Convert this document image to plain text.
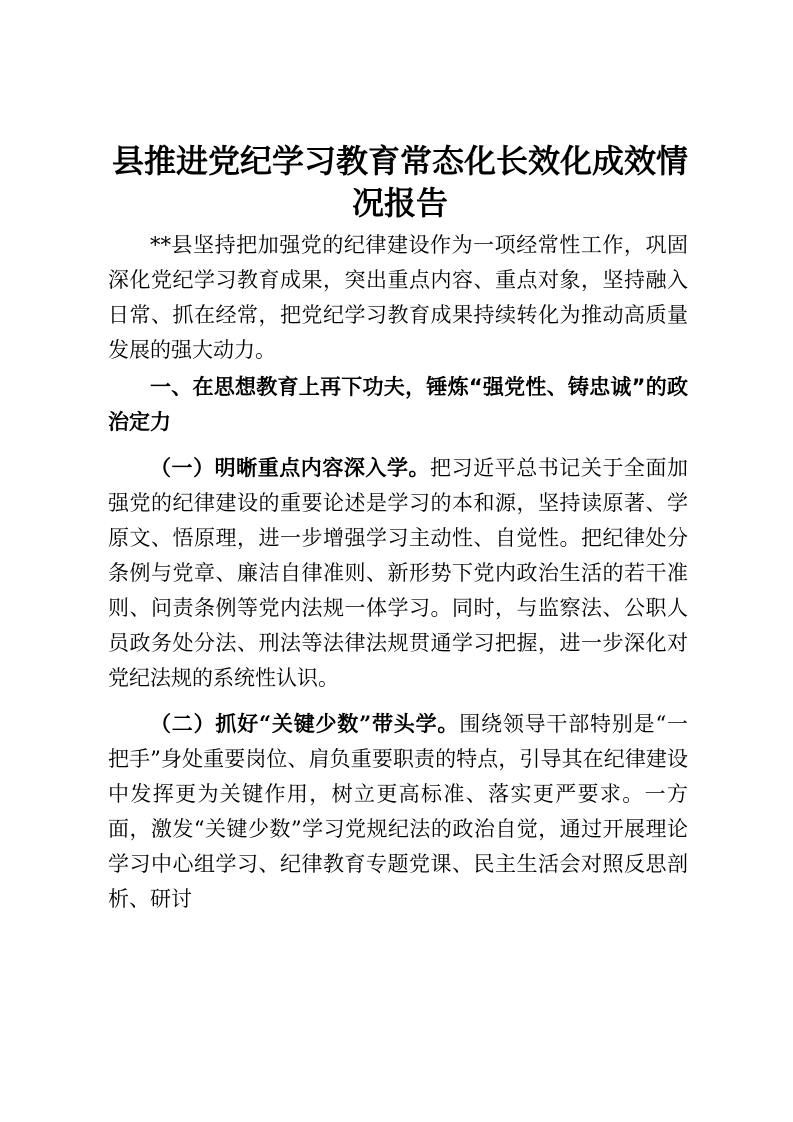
县推进党纪学习教育常态化长效化成效情况报告

**县坚持把加强党的纪律建设作为一项经常性工作，巩固深化党纪学习教育成果，突出重点内容、重点对象，坚持融入日常、抓在经常，把党纪学习教育成果持续转化为推动高质量发展的强大动力。

一、在思想教育上再下功夫，锤炼“强党性、铸忠诚”的政治定力

（一）明晰重点内容深入学。把习近平总书记关于全面加强党的纪律建设的重要论述是学习的本和源，坚持读原著、学原文、悟原理，进一步增强学习主动性、自觉性。把纪律处分条例与党章、廉洁自律准则、新形势下党内政治生活的若干准则、问责条例等党内法规一体学习。同时，与监察法、公职人员政务处分法、刑法等法律法规贯通学习把握，进一步深化对党纪法规的系统性认识。

（二）抓好“关键少数”带头学。围绕领导干部特别是“一把手”身处重要岗位、肩负重要职责的特点，引导其在纪律建设中发挥更为关键作用，树立更高标准、落实更严要求。一方面，激发“关键少数”学习党规纪法的政治自觉，通过开展理论学习中心组学习、纪律教育专题党课、民主生活会对照反思剖析、研讨
